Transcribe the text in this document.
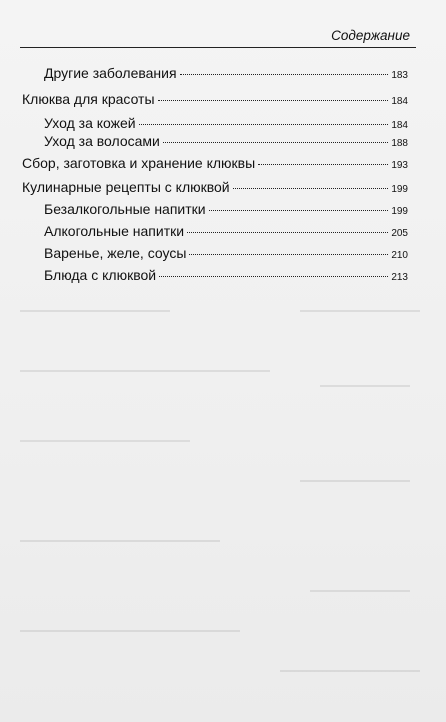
Содержание
Другие заболевания	183
Клюква для красоты	184
Уход за кожей	184
Уход за волосами	188
Сбор, заготовка и хранение клюквы	193
Кулинарные рецепты с клюквой	199
Безалкогольные напитки	199
Алкогольные напитки	205
Варенье, желе, соусы	210
Блюда с клюквой	213
